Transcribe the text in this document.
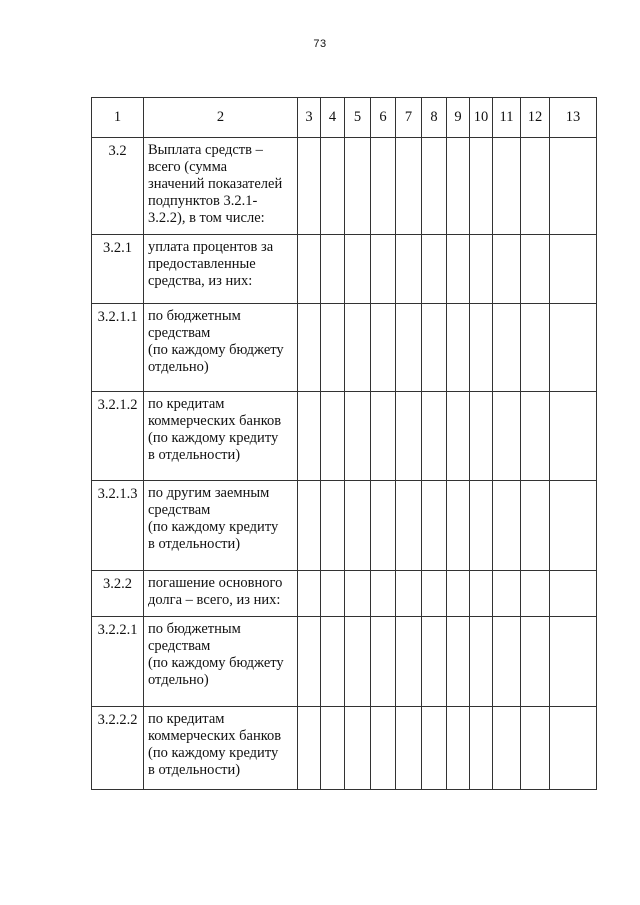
73
1	2	3	4	5	6	7	8	9	10	11	12	13
3.2	Выплата средств –
всего (сумма
значений показателей
подпунктов 3.2.1-
3.2.2), в том числе:											
3.2.1	уплата процентов за
предоставленные
средства, из них:											
3.2.1.1	по бюджетным
средствам
(по каждому бюджету
отдельно)											
3.2.1.2	по кредитам
коммерческих банков
(по каждому кредиту
в отдельности)											
3.2.1.3	по другим заемным
средствам
(по каждому кредиту
в отдельности)											
3.2.2	погашение основного
долга – всего, из них:											
3.2.2.1	по бюджетным
средствам
(по каждому бюджету
отдельно)											
3.2.2.2	по кредитам
коммерческих банков
(по каждому кредиту
в отдельности)											
